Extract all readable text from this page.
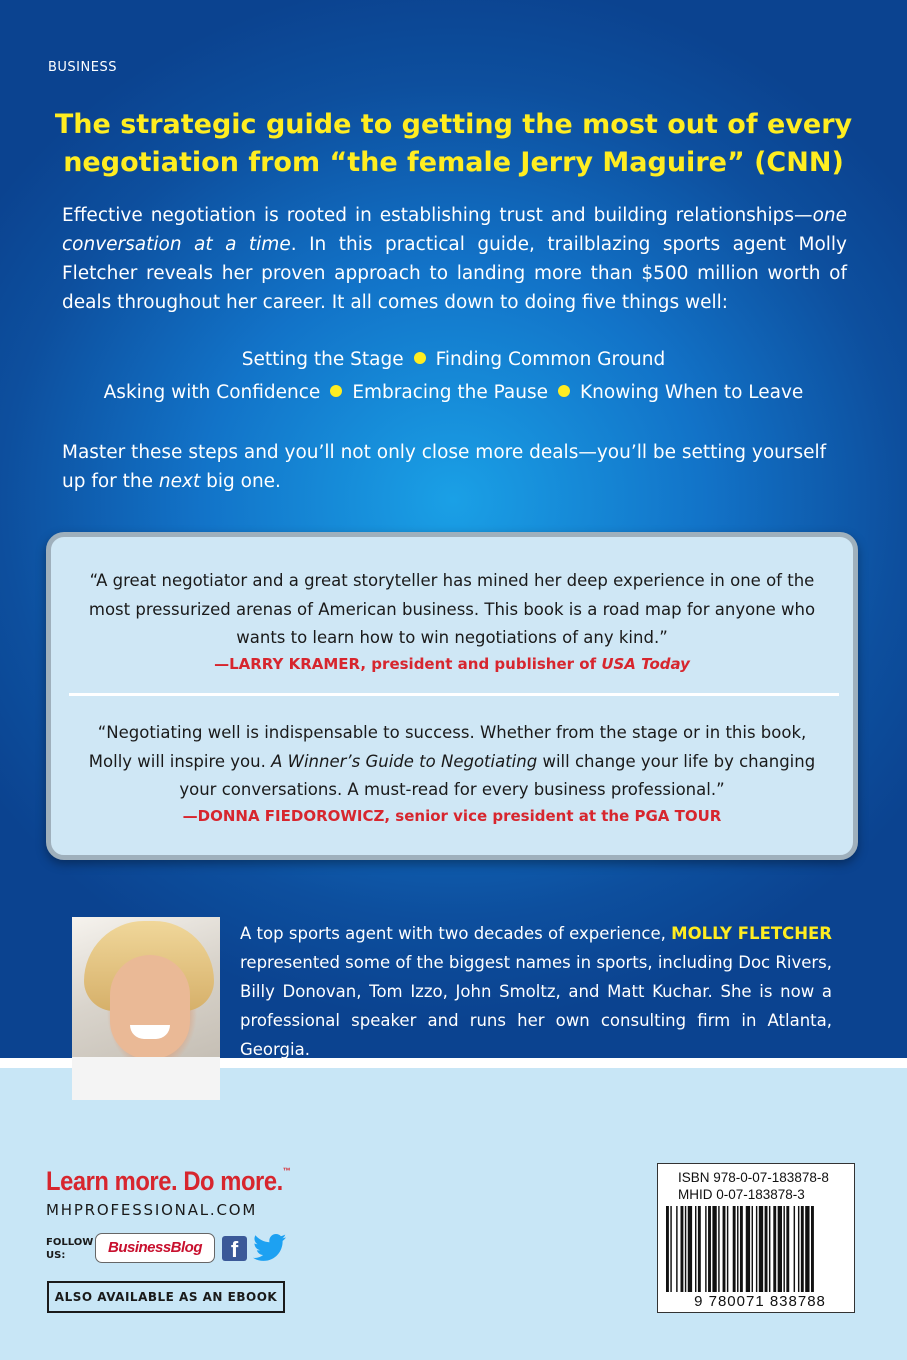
BUSINESS
The strategic guide to getting the most out of every
negotiation from “the female Jerry Maguire” (CNN)
Effective negotiation is rooted in establishing trust and building relationships—one conversation at a time. In this practical guide, trailblazing sports agent Molly Fletcher reveals her proven approach to landing more than $500 million worth of deals throughout her career. It all comes down to doing five things well:
Setting the Stage Finding Common Ground
Asking with Confidence Embracing the Pause Knowing When to Leave
Master these steps and you’ll not only close more deals—you’ll be setting yourself up for the next big one.
“A great negotiator and a great storyteller has mined her deep experience in one of the most pressurized arenas of American business. This book is a road map for anyone who wants to learn how to win negotiations of any kind.”
—LARRY KRAMER, president and publisher of USA Today
“Negotiating well is indispensable to success. Whether from the stage or in this book, Molly will inspire you. A Winner’s Guide to Negotiating will change your life by changing your conversations. A must-read for every business professional.”
—DONNA FIEDOROWICZ, senior vice president at the PGA TOUR
A top sports agent with two decades of experience, MOLLY FLETCHER represented some of the biggest names in sports, including Doc Rivers, Billy Donovan, Tom Izzo, John Smoltz, and Matt Kuchar. She is now a professional speaker and runs her own consulting firm in Atlanta, Georgia.
Learn more. Do more.™
MHPROFESSIONAL.COM
FOLLOW
US:	BusinessBlog	f
ALSO AVAILABLE AS AN EBOOK
ISBN 978-0-07-183878-8
MHID 0-07-183878-3
9 780071 838788
